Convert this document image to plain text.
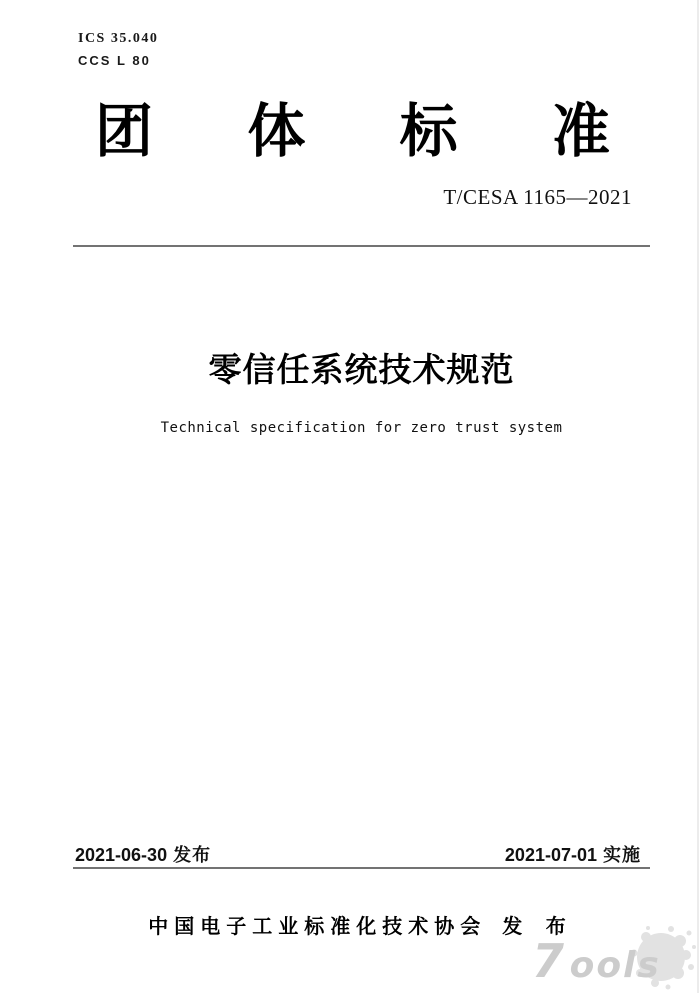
ICS 35.040
CCS L 80
团 体 标 准
T/CESA 1165—2021
零信任系统技术规范
Technical specification for zero trust system
2021-06-30 发布	2021-07-01 实施
中国电子工业标准化技术协会 发 布
7 ools
